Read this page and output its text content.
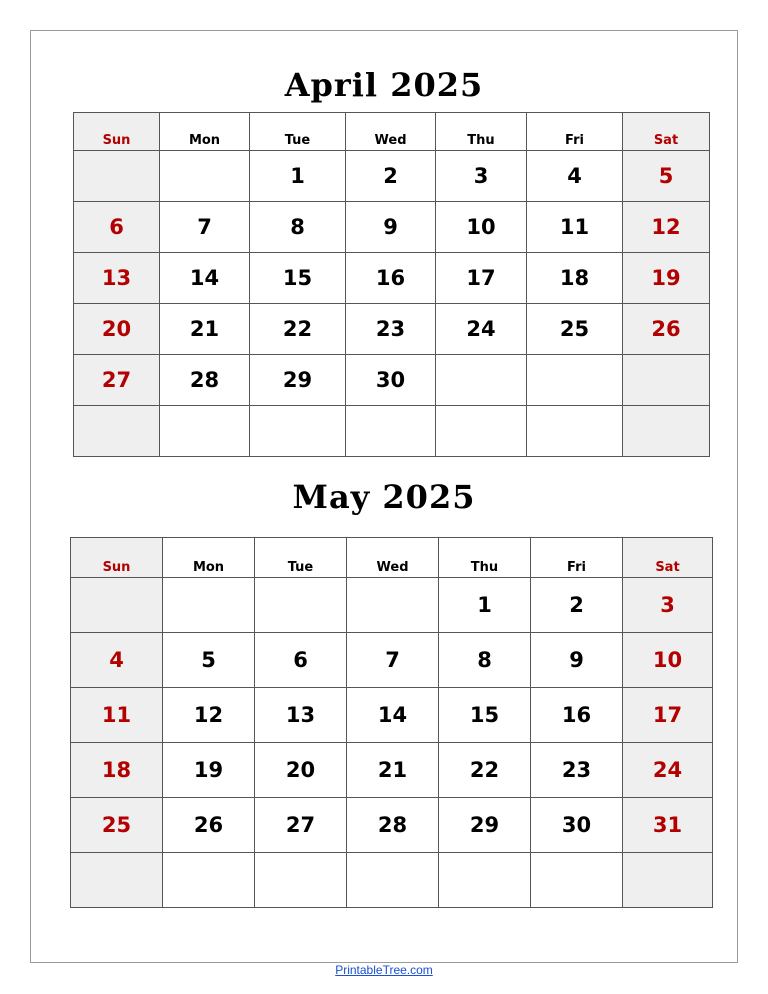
April 2025
Sun	Mon	Tue	Wed	Thu	Fri	Sat
		1	2	3	4	5
6	7	8	9	10	11	12
13	14	15	16	17	18	19
20	21	22	23	24	25	26
27	28	29	30			

May 2025
Sun	Mon	Tue	Wed	Thu	Fri	Sat
				1	2	3
4	5	6	7	8	9	10
11	12	13	14	15	16	17
18	19	20	21	22	23	24
25	26	27	28	29	30	31

PrintableTree.com
